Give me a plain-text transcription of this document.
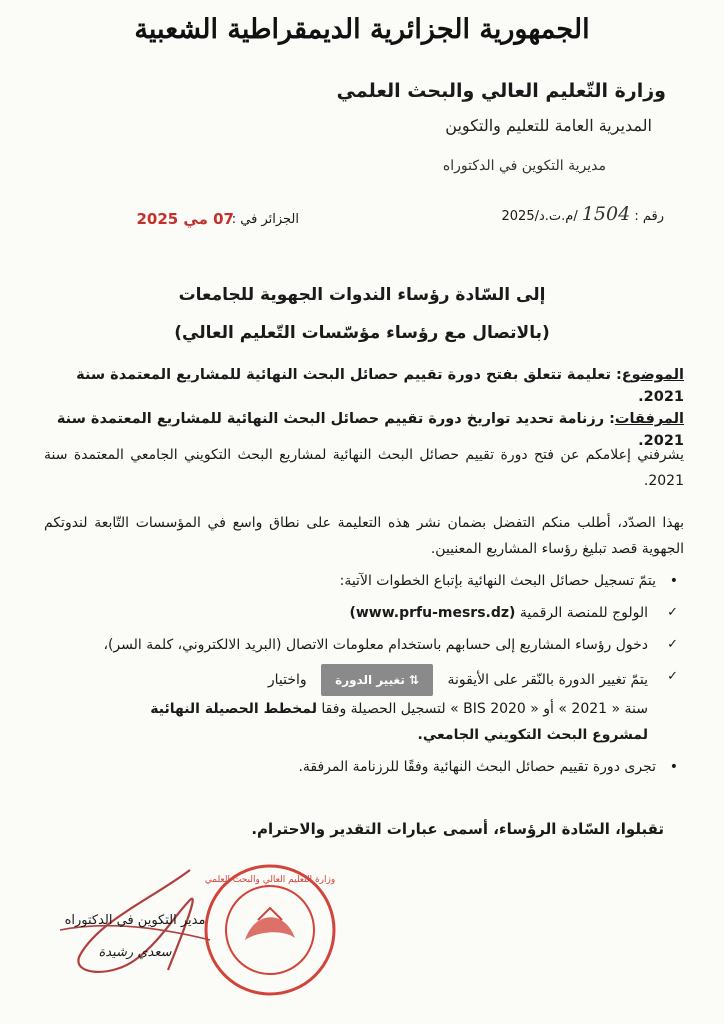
الجمهورية الجزائرية الديمقراطية الشعبية
وزارة التّعليم العالي والبحث العلمي
المديرية العامة للتعليم والتكوين
مديرية التكوين في الدكتوراه
رقم : 1504 /م.ت.د/2025
الجزائر في :
07 مي 2025
إلى السّادة رؤساء الندوات الجهوية للجامعات
(بالاتصال مع رؤساء مؤسّسات التّعليم العالي)
الموضوع: تعليمة تتعلق بفتح دورة تقييم حصائل البحث النهائية للمشاريع المعتمدة سنة 2021.
المرفقات: رزنامة تحديد تواريخ دورة تقييم حصائل البحث النهائية للمشاريع المعتمدة سنة 2021.
يشرفني إعلامكم عن فتح دورة تقييم حصائل البحث النهائية لمشاريع البحث التكويني الجامعي المعتمدة سنة 2021.
بهذا الصدّد، أطلب منكم التفضل بضمان نشر هذه التعليمة على نطاق واسع في المؤسسات التّابعة لندوتكم الجهوية قصد تبليغ رؤساء المشاريع المعنيين.
• يتمّ تسجيل حصائل البحث النهائية بإتباع الخطوات الآتية:
✓ الولوج للمنصة الرقمية (www.prfu-mesrs.dz)
✓ دخول رؤساء المشاريع إلى حسابهم باستخدام معلومات الاتصال (البريد الالكتروني، كلمة السر)،
✓ يتمّ تغيير الدورة بالنّقر على الأيقونة ⇅ تغيير الدورة واختيار
سنة « 2021 » أو « BIS 2020 » لتسجيل الحصيلة وفقا لمخطط الحصيلة النهائية
لمشروع البحث التكويني الجامعي.
• تجرى دورة تقييم حصائل البحث النهائية وفقًا للرزنامة المرفقة.
تقبلوا، السّادة الرؤساء، أسمى عبارات التقدير والاحترام.
وزارة التعليم العالي والبحث العلمي
مدير التكوين في الدكتوراه
سعدي رشيدة
